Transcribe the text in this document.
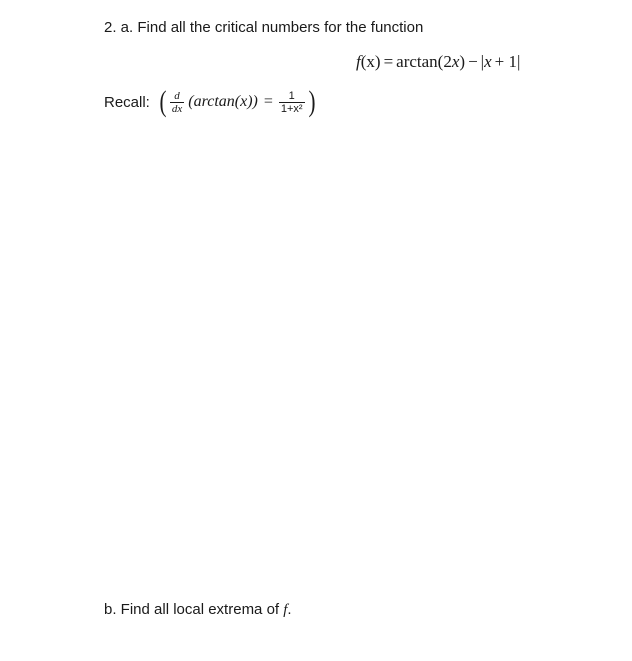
2. a. Find all the critical numbers for the function
f(x) = arctan(2x) − |x + 1|
Recall: ( $\frac{d}{dx} (\arctan(x)) = \frac{1}{\text{1+x²}}$ )
b. Find all local extrema of f.
